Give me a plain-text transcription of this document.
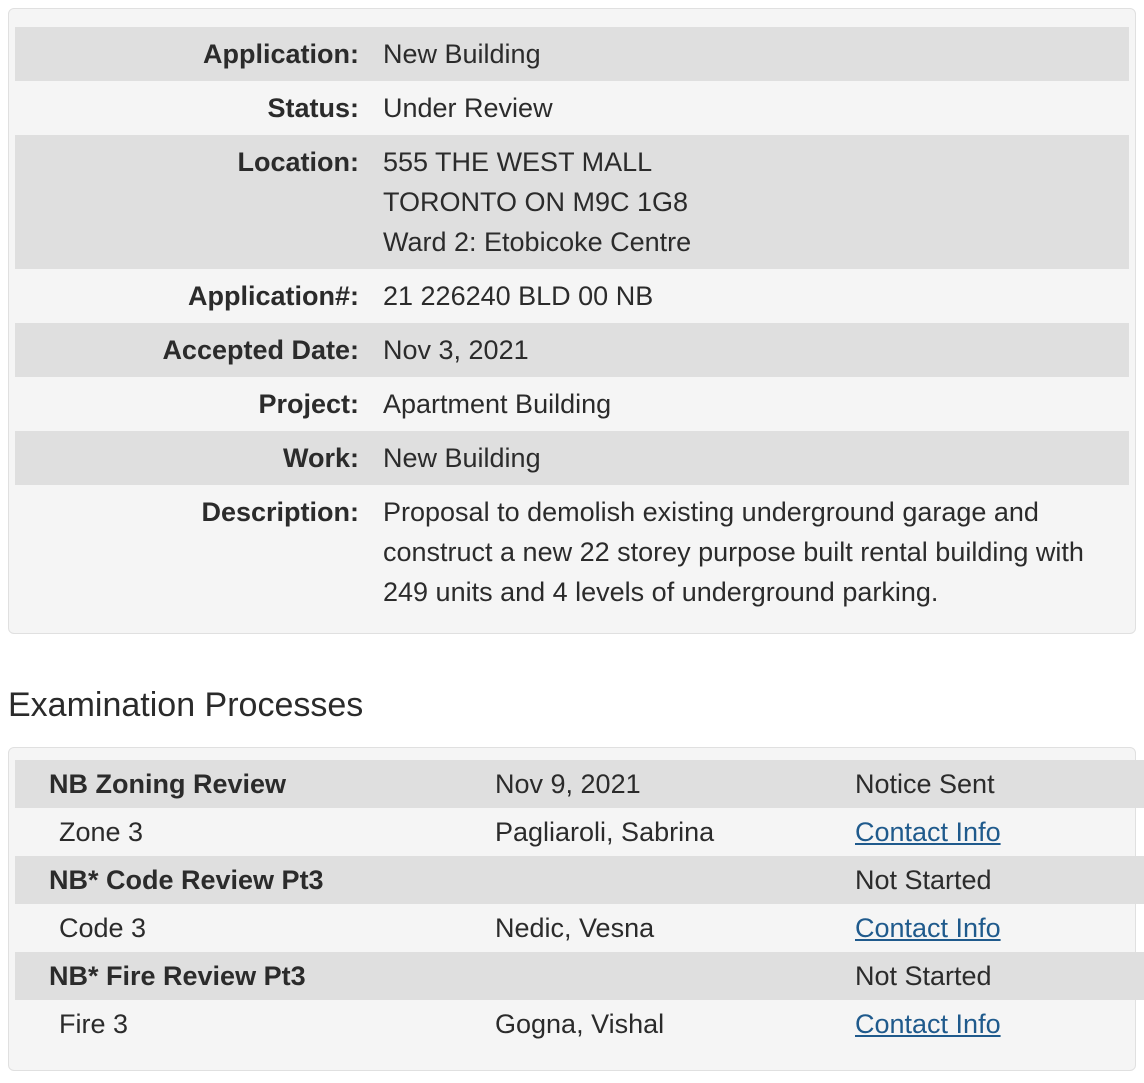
Application:	New Building

Status:	Under Review

Location:	555 THE WEST MALL
TORONTO ON M9C 1G8
Ward 2: Etobicoke Centre

Application#:	21 226240 BLD 00 NB

Accepted Date:	Nov 3, 2021

Project:	Apartment Building

Work:	New Building

Description:	Proposal to demolish existing underground garage and construct a new 22 storey purpose built rental building with 249 units and 4 levels of underground parking.
Examination Processes
NB Zoning Review	Nov 9, 2021	Notice Sent
Zone 3	Pagliaroli, Sabrina	Contact Info
NB* Code Review Pt3		Not Started
Code 3	Nedic, Vesna	Contact Info
NB* Fire Review Pt3		Not Started
Fire 3	Gogna, Vishal	Contact Info
